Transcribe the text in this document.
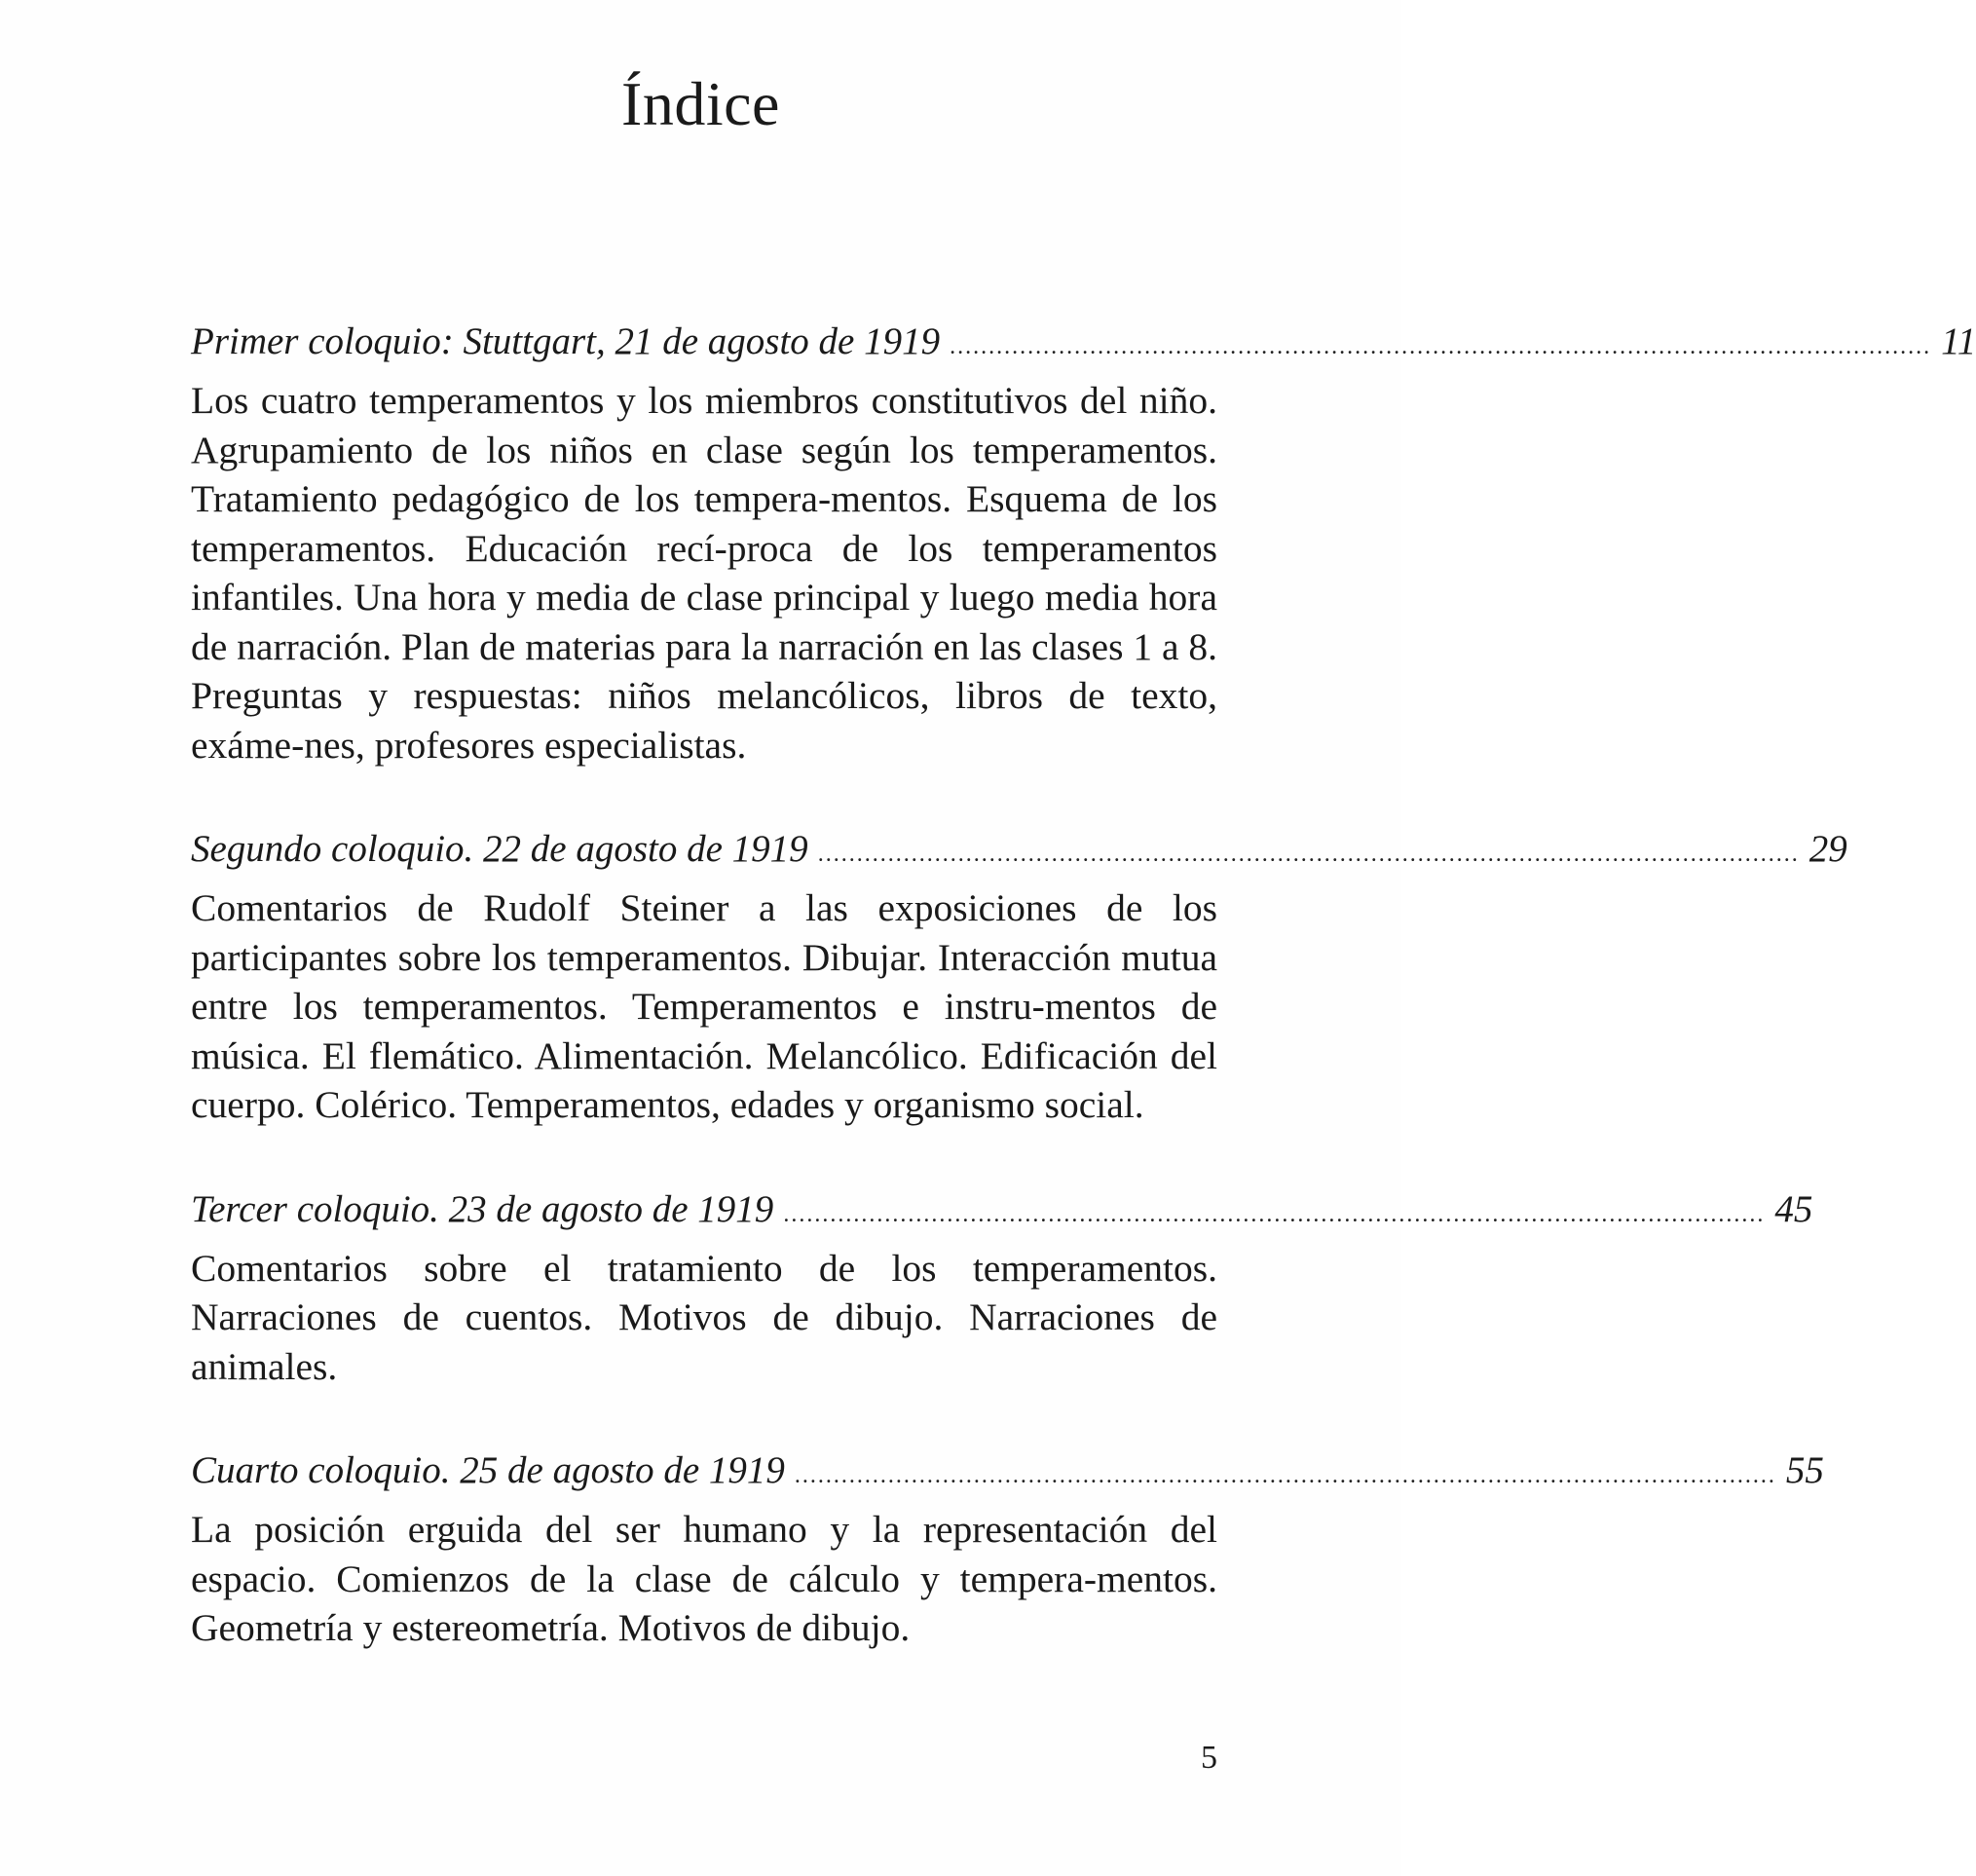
Índice
Primer coloquio: Stuttgart, 21 de agosto de 1919 .............................................................................................................................. 11

Los cuatro temperamentos y los miembros constitutivos del niño. Agrupamiento de los niños en clase según los temperamentos. Tratamiento pedagógico de los tempera-mentos. Esquema de los temperamentos. Educación recí-proca de los temperamentos infantiles. Una hora y media de clase principal y luego media hora de narración. Plan de materias para la narración en las clases 1 a 8. Preguntas y respuestas: niños melancólicos, libros de texto, exáme-nes, profesores especialistas.

Segundo coloquio. 22 de agosto de 1919 .............................................................................................................................. 29

Comentarios de Rudolf Steiner a las exposiciones de los participantes sobre los temperamentos. Dibujar. Interacción mutua entre los temperamentos. Temperamentos e instru-mentos de música. El flemático. Alimentación. Melancólico. Edificación del cuerpo. Colérico. Temperamentos, edades y organismo social.

Tercer coloquio. 23 de agosto de 1919 .............................................................................................................................. 45

Comentarios sobre el tratamiento de los temperamentos. Narraciones de cuentos. Motivos de dibujo. Narraciones de animales.

Cuarto coloquio. 25 de agosto de 1919 .............................................................................................................................. 55

La posición erguida del ser humano y la representación del espacio. Comienzos de la clase de cálculo y tempera-mentos. Geometría y estereometría. Motivos de dibujo.

5
